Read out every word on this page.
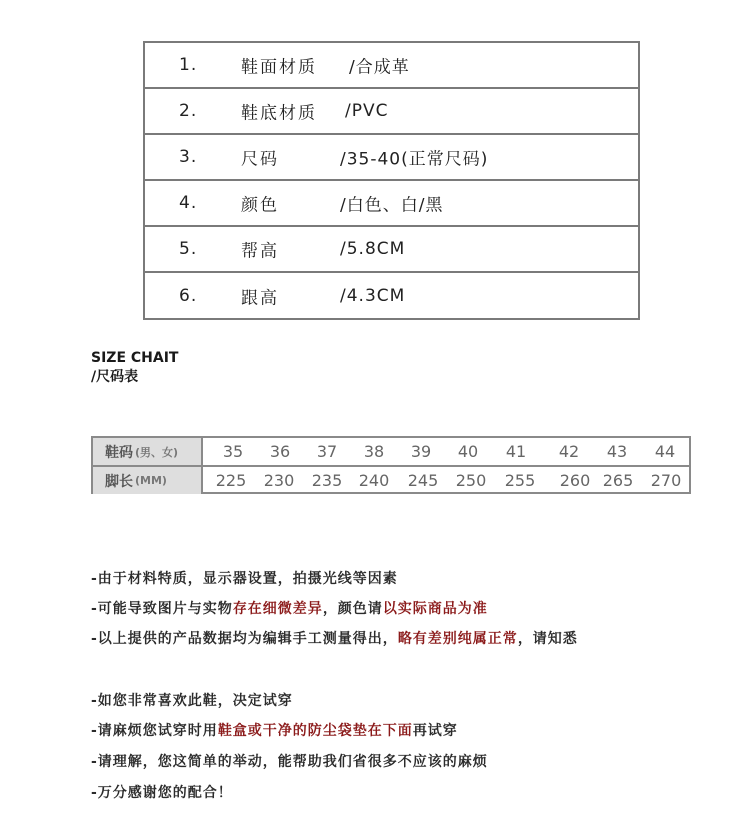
1.	鞋面材质 /合成革
2.	鞋底材质 /PVC
3.	尺码	/35-40(正常尺码)
4.	颜色	/白色、白/黑
5.	帮高	/5.8CM
6.	跟高	/4.3CM
SIZE CHAIT
/尺码表
鞋码 (男、女)	35	36	37	38	39	40	41	42	43	44
脚长 (MM)	225	230	235	240	245	250	255	260 265	270
-由于材料特质，显示器设置，拍摄光线等因素
-可能导致图片与实物存在细微差异，颜色请以实际商品为准
-以上提供的产品数据均为编辑手工测量得出，略有差别纯属正常，请知悉
-如您非常喜欢此鞋，决定试穿
-请麻烦您试穿时用鞋盒或干净的防尘袋垫在下面再试穿
-请理解，您这简单的举动，能帮助我们省很多不应该的麻烦
-万分感谢您的配合！
